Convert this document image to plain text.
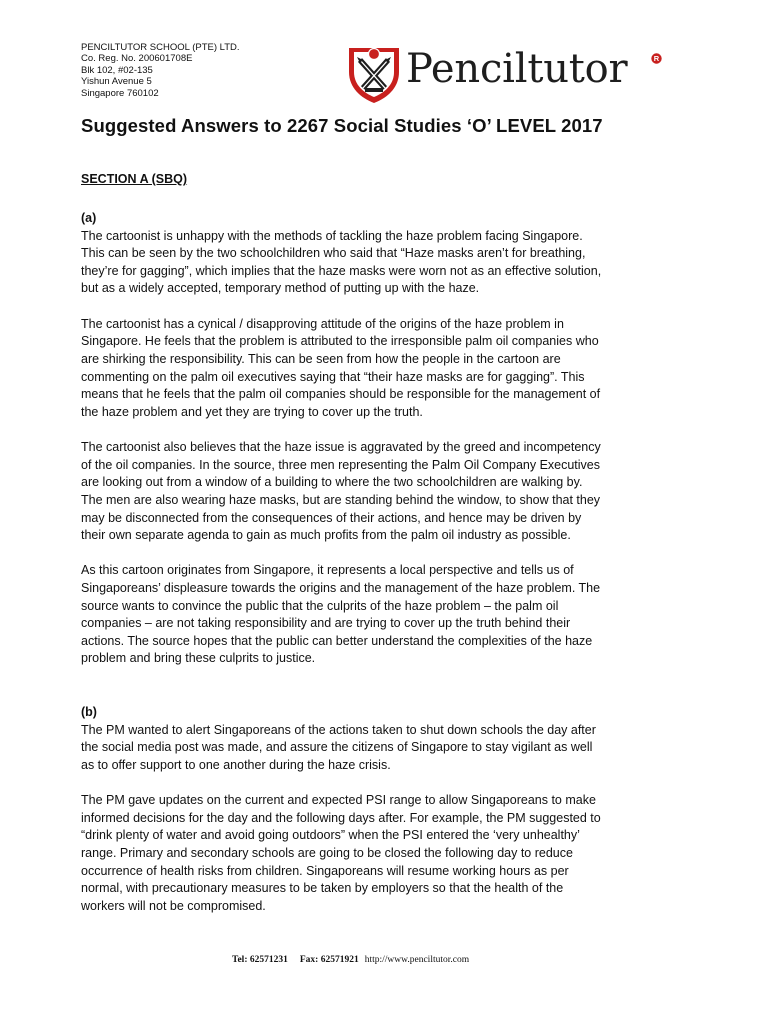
PENCILTUTOR SCHOOL (PTE) LTD.
Co. Reg. No. 200601708E
Blk 102, #02-135
Yishun Avenue 5
Singapore 760102
Penciltutor	R
Suggested Answers to 2267 Social Studies ‘O’ LEVEL 2017
SECTION A (SBQ)

(a)

The cartoonist is unhappy with the methods of tackling the haze problem facing Singapore.
This can be seen by the two schoolchildren who said that “Haze masks aren’t for breathing,
they’re for gagging”, which implies that the haze masks were worn not as an effective solution,
but as a widely accepted, temporary method of putting up with the haze.

The cartoonist has a cynical / disapproving attitude of the origins of the haze problem in
Singapore. He feels that the problem is attributed to the irresponsible palm oil companies who
are shirking the responsibility. This can be seen from how the people in the cartoon are
commenting on the palm oil executives saying that “their haze masks are for gagging”. This
means that he feels that the palm oil companies should be responsible for the management of
the haze problem and yet they are trying to cover up the truth.

The cartoonist also believes that the haze issue is aggravated by the greed and incompetency
of the oil companies. In the source, three men representing the Palm Oil Company Executives
are looking out from a window of a building to where the two schoolchildren are walking by.
The men are also wearing haze masks, but are standing behind the window, to show that they
may be disconnected from the consequences of their actions, and hence may be driven by
their own separate agenda to gain as much profits from the palm oil industry as possible.

As this cartoon originates from Singapore, it represents a local perspective and tells us of
Singaporeans’ displeasure towards the origins and the management of the haze problem. The
source wants to convince the public that the culprits of the haze problem – the palm oil
companies – are not taking responsibility and are trying to cover up the truth behind their
actions. The source hopes that the public can better understand the complexities of the haze
problem and bring these culprits to justice.

(b)

The PM wanted to alert Singaporeans of the actions taken to shut down schools the day after
the social media post was made, and assure the citizens of Singapore to stay vigilant as well
as to offer support to one another during the haze crisis.

The PM gave updates on the current and expected PSI range to allow Singaporeans to make
informed decisions for the day and the following days after. For example, the PM suggested to
“drink plenty of water and avoid going outdoors” when the PSI entered the ‘very unhealthy’
range. Primary and secondary schools are going to be closed the following day to reduce
occurrence of health risks from children. Singaporeans will resume working hours as per
normal, with precautionary measures to be taken by employers so that the health of the
workers will not be compromised.

Tel: 62571231 Fax: 62571921 http://www.penciltutor.com
